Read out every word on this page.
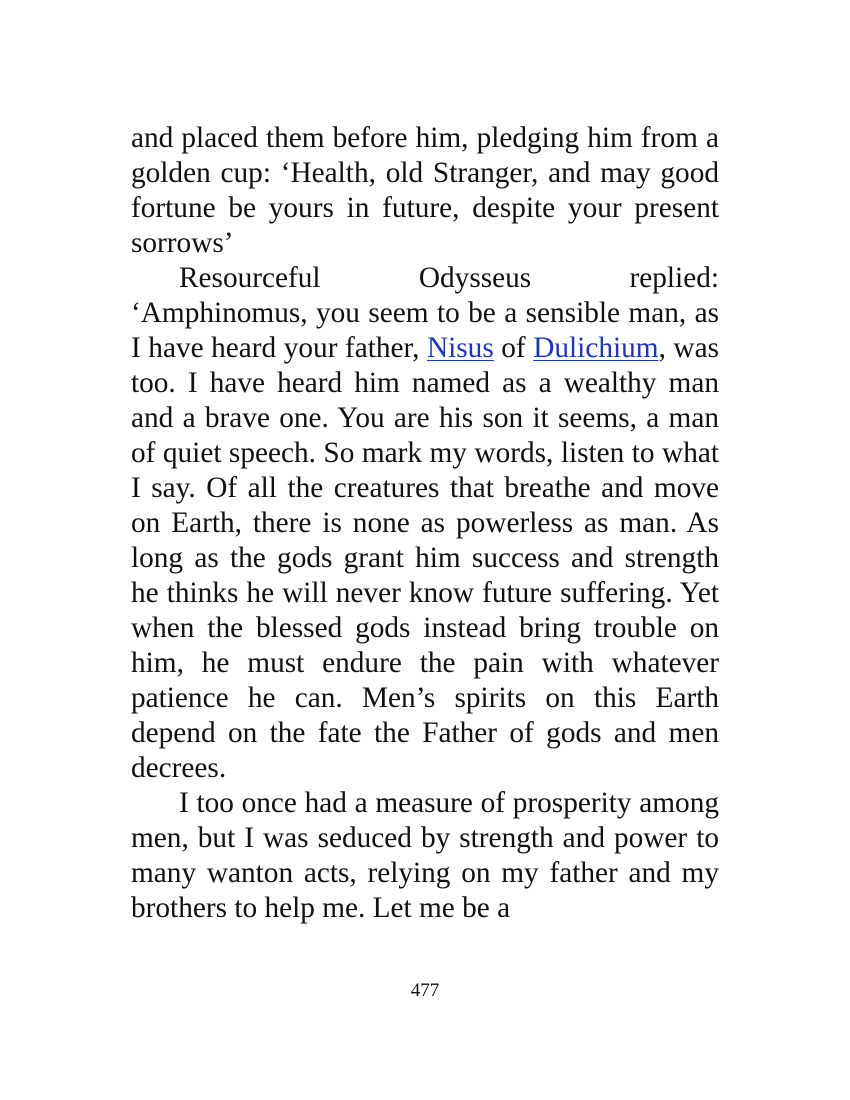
and placed them before him, pledging him from a golden cup: ‘Health, old Stranger, and may good fortune be yours in future, despite your present sorrows’

Resourceful Odysseus replied: ‘Amphinomus, you seem to be a sensible man, as I have heard your father, Nisus of Dulichium, was too. I have heard him named as a wealthy man and a brave one. You are his son it seems, a man of quiet speech. So mark my words, listen to what I say. Of all the creatures that breathe and move on Earth, there is none as powerless as man. As long as the gods grant him success and strength he thinks he will never know future suffering. Yet when the blessed gods instead bring trouble on him, he must endure the pain with whatever patience he can. Men’s spirits on this Earth depend on the fate the Father of gods and men decrees.

I too once had a measure of prosperity among men, but I was seduced by strength and power to many wanton acts, relying on my father and my brothers to help me. Let me be a

477
